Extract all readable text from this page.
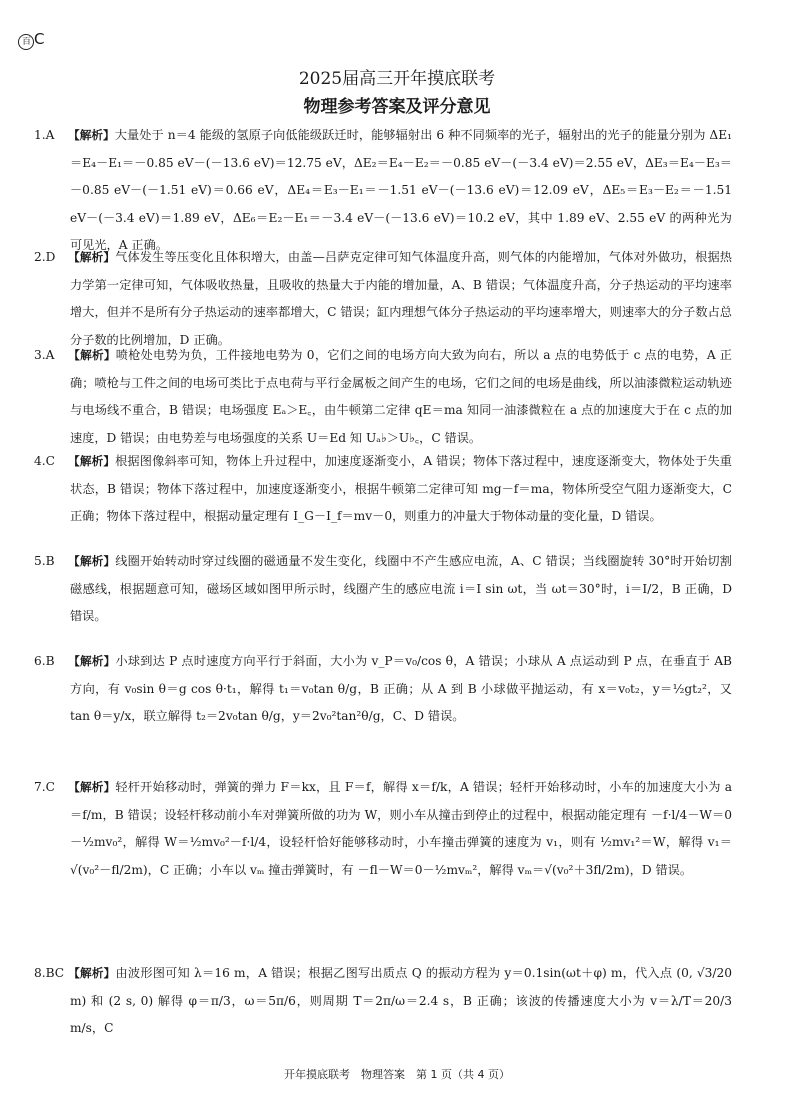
百 C
2025届高三开年摸底联考
物理参考答案及评分意见

1.A 【解析】大量处于 n＝4 能级的氢原子向低能级跃迁时，能够辐射出 6 种不同频率的光子，辐射出的光子的能量分别为 ΔE₁＝E₄－E₁＝－0.85 eV－(－13.6 eV)＝12.75 eV，ΔE₂＝E₄－E₂＝－0.85 eV－(－3.4 eV)＝2.55 eV，ΔE₃＝E₄－E₃＝－0.85 eV－(－1.51 eV)＝0.66 eV，ΔE₄＝E₃－E₁＝－1.51 eV－(－13.6 eV)＝12.09 eV，ΔE₅＝E₃－E₂＝－1.51 eV－(－3.4 eV)＝1.89 eV，ΔE₆＝E₂－E₁＝－3.4 eV－(－13.6 eV)＝10.2 eV，其中 1.89 eV、2.55 eV 的两种光为可见光，A 正确。

2.D 【解析】气体发生等压变化且体积增大，由盖—吕萨克定律可知气体温度升高，则气体的内能增加，气体对外做功，根据热力学第一定律可知，气体吸收热量，且吸收的热量大于内能的增加量，A、B 错误；气体温度升高，分子热运动的平均速率增大，但并不是所有分子热运动的速率都增大，C 错误；缸内理想气体分子热运动的平均速率增大，则速率大的分子数占总分子数的比例增加，D 正确。

3.A 【解析】喷枪处电势为负，工件接地电势为 0，它们之间的电场方向大致为向右，所以 a 点的电势低于 c 点的电势，A 正确；喷枪与工件之间的电场可类比于点电荷与平行金属板之间产生的电场，它们之间的电场是曲线，所以油漆微粒运动轨迹与电场线不重合，B 错误；电场强度 Eₐ＞E꜀，由牛顿第二定律 qE＝ma 知同一油漆微粒在 a 点的加速度大于在 c 点的加速度，D 错误；由电势差与电场强度的关系 U＝Ed 知 Uₐ♭＞U♭꜀，C 错误。

4.C 【解析】根据图像斜率可知，物体上升过程中，加速度逐渐变小，A 错误；物体下落过程中，速度逐渐变大，物体处于失重状态，B 错误；物体下落过程中，加速度逐渐变小，根据牛顿第二定律可知 mg－f＝ma，物体所受空气阻力逐渐变大，C 正确；物体下落过程中，根据动量定理有 I_G－I_f＝mv－0，则重力的冲量大于物体动量的变化量，D 错误。

5.B 【解析】线圈开始转动时穿过线圈的磁通量不发生变化，线圈中不产生感应电流，A、C 错误；当线圈旋转 30°时开始切割磁感线，根据题意可知，磁场区域如图甲所示时，线圈产生的感应电流 i＝I sin ωt，当 ωt＝30°时，i＝I/2，B 正确，D 错误。

6.B 【解析】小球到达 P 点时速度方向平行于斜面，大小为 v_P＝v₀/cos θ，A 错误；小球从 A 点运动到 P 点，在垂直于 AB 方向，有 v₀sin θ＝g cos θ·t₁，解得 t₁＝v₀tan θ/g，B 正确；从 A 到 B 小球做平抛运动，有 x＝v₀t₂，y＝½gt₂²，又 tan θ＝y/x，联立解得 t₂＝2v₀tan θ/g，y＝2v₀²tan²θ/g，C、D 错误。

7.C 【解析】轻杆开始移动时，弹簧的弹力 F＝kx，且 F＝f，解得 x＝f/k，A 错误；轻杆开始移动时，小车的加速度大小为 a＝f/m，B 错误；设轻杆移动前小车对弹簧所做的功为 W，则小车从撞击到停止的过程中，根据动能定理有 －f·l/4－W＝0－½mv₀²，解得 W＝½mv₀²－f·l/4，设轻杆恰好能够移动时，小车撞击弹簧的速度为 v₁，则有 ½mv₁²＝W，解得 v₁＝√(v₀²－fl/2m)，C 正确；小车以 vₘ 撞击弹簧时，有 －fl－W＝0－½mvₘ²，解得 vₘ＝√(v₀²＋3fl/2m)，D 错误。

8.BC 【解析】由波形图可知 λ＝16 m，A 错误；根据乙图写出质点 Q 的振动方程为 y＝0.1sin(ωt＋φ) m，代入点 (0, √3/20 m) 和 (2 s, 0) 解得 φ＝π/3，ω＝5π/6，则周期 T＝2π/ω＝2.4 s，B 正确；该波的传播速度大小为 v＝λ/T＝20/3 m/s，C

开年摸底联考　物理答案　第 1 页（共 4 页）
